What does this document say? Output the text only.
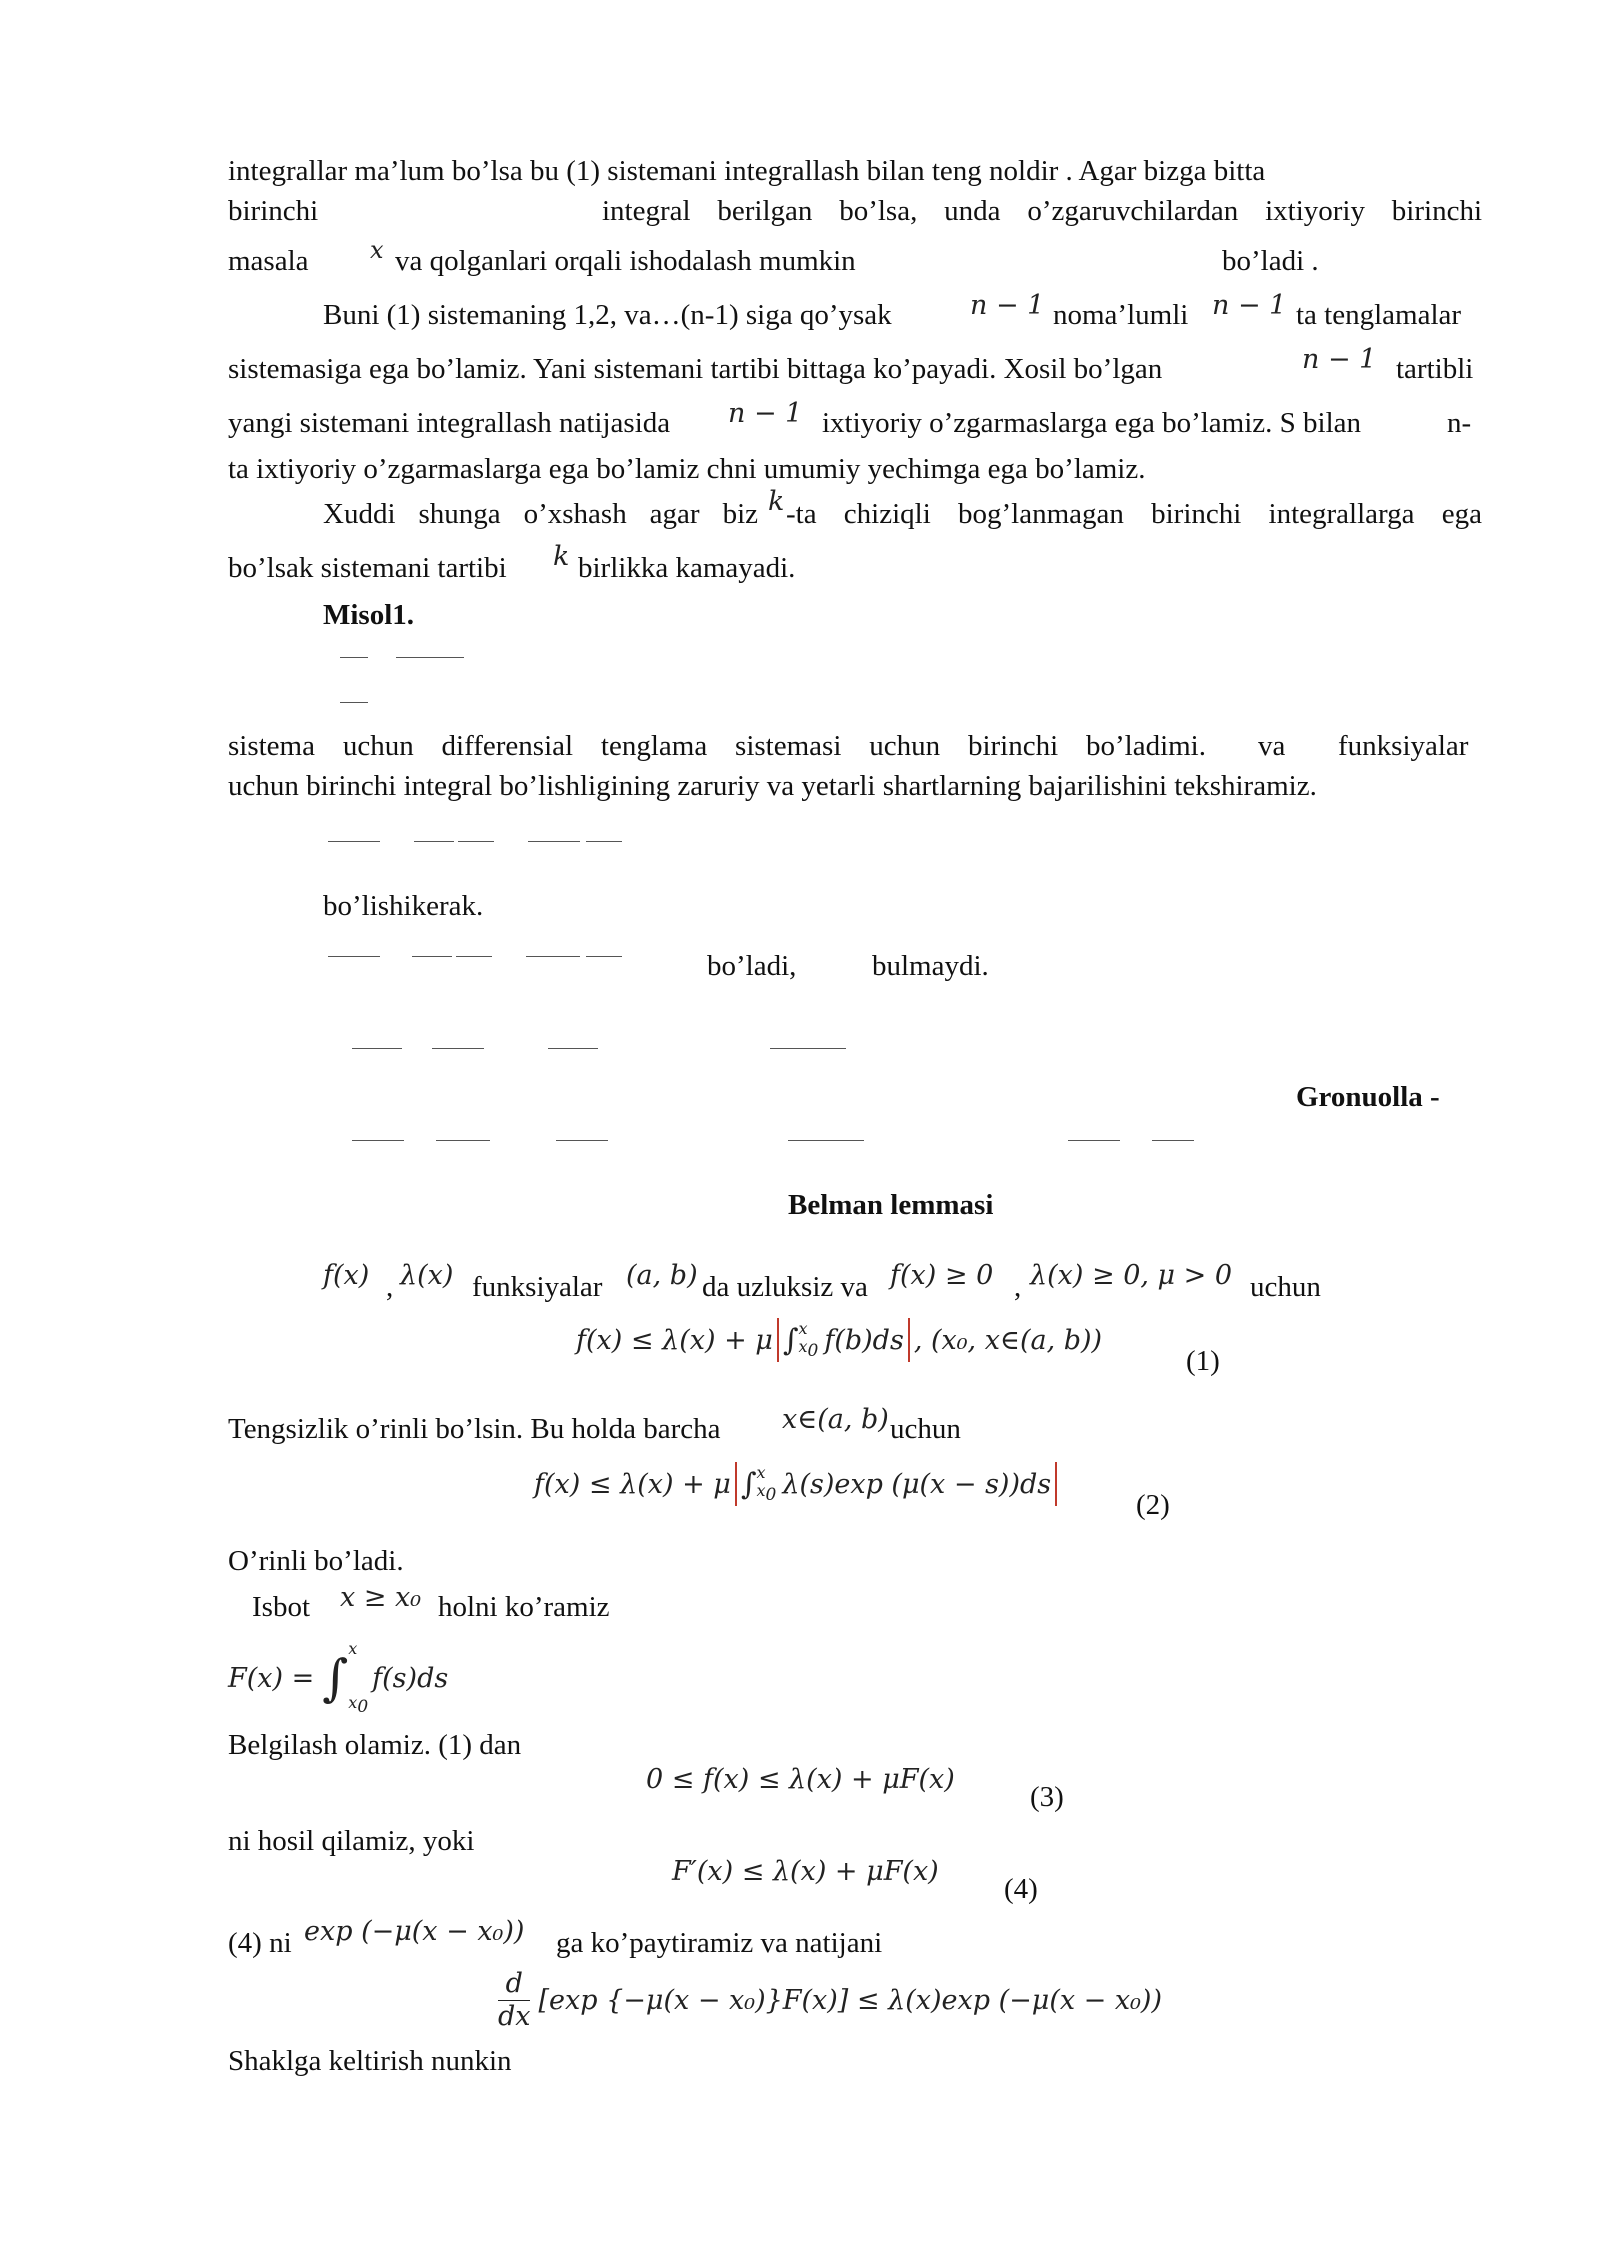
integrallar ma’lum bo’lsa bu (1) sistemani integrallash bilan teng noldir . Agar bizga bitta
birinchi	integral berilgan bo’lsa, unda o’zgaruvchilardan ixtiyoriy birinchi
masala	x va qolganlari orqali ishodalash mumkin	bo’ladi .
Buni (1) sistemaning 1,2, va…(n-1) siga qo’ysak	n − 1 noma’lumli n − 1 ta tenglamalar
sistemasiga ega bo’lamiz. Yani sistemani tartibi bittaga ko’payadi. Xosil bo’lgan	n − 1 tartibli
yangi sistemani integrallash natijasida n − 1 ixtiyoriy o’zgarmaslarga ega bo’lamiz. S bilan	n-
ta ixtiyoriy o’zgarmaslarga ega bo’lamiz chni umumiy yechimga ega bo’lamiz.
Xuddi shunga o’xshash agar biz k -ta chiziqli bog’lanmagan birinchi integrallarga ega
bo’lsak sistemani tartibi k birlikka kamayadi.
Misol1.
sistema uchun differensial tenglama sistemasi uchun birinchi bo’ladimi. va funksiyalar
uchun birinchi integral bo’lishligining zaruriy va yetarli shartlarning bajarilishini tekshiramiz.
bo’lishikerak.
bo’ladi,	bulmaydi.
Gronuolla -
Belman lemmasi
f(x) , λ(x) funksiyalar (a, b) da uzluksiz va f(x) ≥ 0 , λ(x) ≥ 0, μ > 0 uchun
f(x) ≤ λ(x) + μ ∫ x
$x_0$ f(b)ds , (x₀, x∈(a, b))
(1)
Tengsizlik o’rinli bo’lsin. Bu holda barcha x∈(a, b) uchun
f(x) ≤ λ(x) + μ ∫ x
$x_0$ λ(s)exp (μ(x − s))ds
(2)
O’rinli bo’ladi.
Isbot x ≥ x₀ holni ko’ramiz
F(x) = ∫
x
$x_0$
f(s)ds
Belgilash olamiz. (1) dan
0 ≤ f(x) ≤ λ(x) + μF(x)
(3)
ni hosil qilamiz, yoki
F′(x) ≤ λ(x) + μF(x)
(4)
(4) ni exp (−μ(x − x₀)) ga ko’paytiramiz va natijani
d
dx
[exp {−μ(x − x₀)}F(x)] ≤ λ(x)exp (−μ(x − x₀))
Shaklga keltirish nunkin
